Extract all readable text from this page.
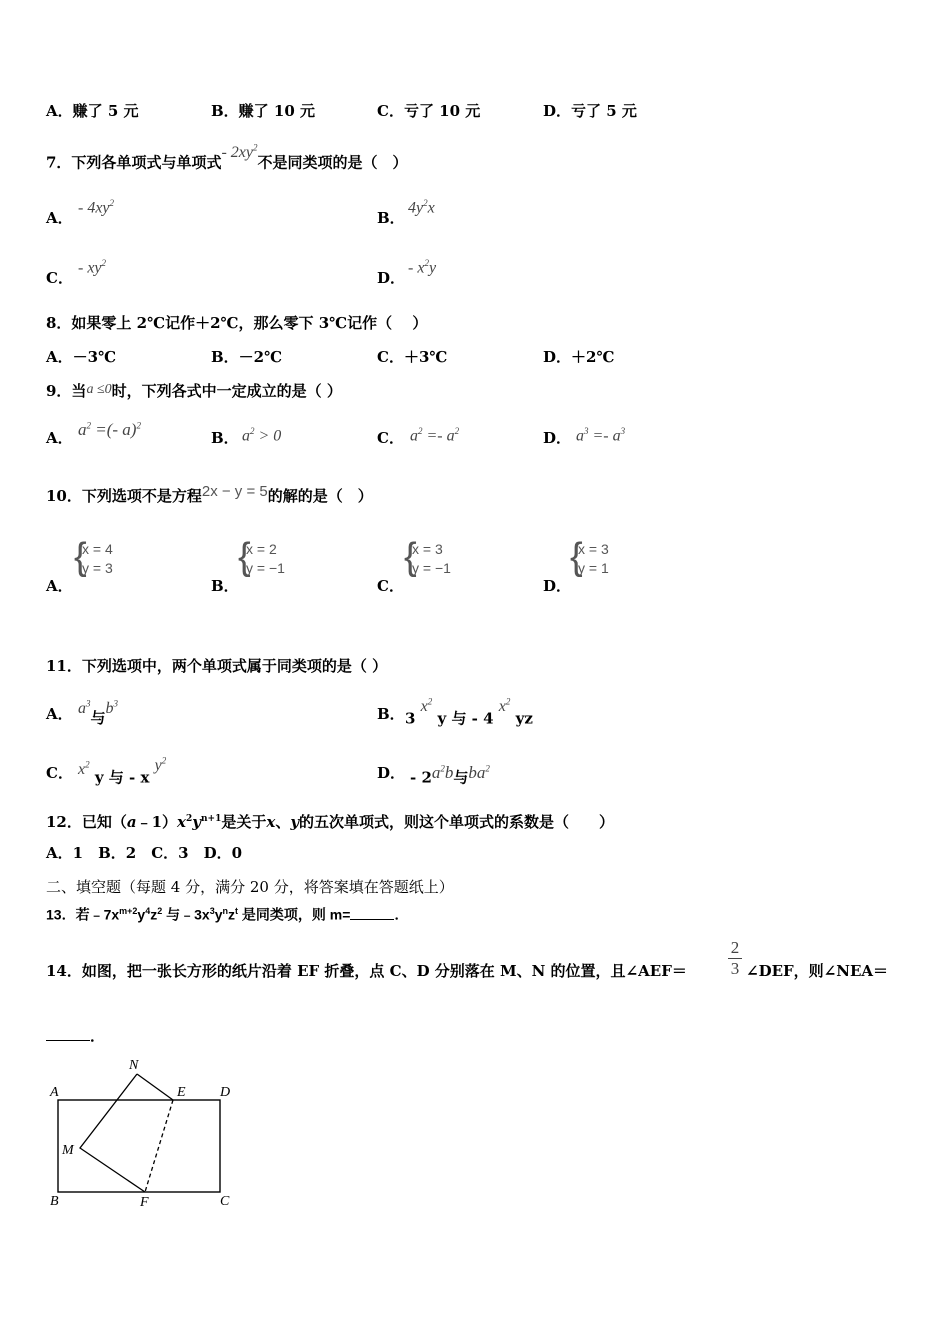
A．赚了 5 元	B．赚了 10 元	C．亏了 10 元	D．亏了 5 元
7．下列各单项式与单项式- $2xy^2$不是同类项的是（　）
A．
- $4xy^2$
B．
$4y^2x$
C．
- $xy^2$
D．
- $x^2y$
8．如果零上 2℃记作＋2℃，那么零下 3℃记作（　 ）
A．－3℃	B．－2℃	C．＋3℃	D．＋2℃
9．当a ≤0时，下列各式中一定成立的是（ ）
A． $a^2$ =(- a)$^2$
B． $a^2 > 0$	C． $a^2 =- a^2$	D． $a^3 =- a^3$
10．下列选项不是方程2x − y = 5的解的是（　）
A．
{
x = 4
y = 3
B．
{
x = 2
y = −1
C．
{
x = 3
y = −1
D．
{
x = 3
y = 1
11．下列选项中，两个单项式属于同类项的是（ ）
A． $a^3$与$b^3$
B． 3 $x^2$ y 与 - 4 $x^2$ yz
C． $x^2$ y 与 - x $y^2$
D． - $2a^2b$与$ba^2$
12．已知$(a﹣1)x^2y^{n+1}$是关于x、y的五次单项式，则这个单项式的系数是（　　）
A．1　B．2　C．3　D．0
二、填空题（每题 4 分，满分 20 分，将答案填在答题纸上）
13．若$﹣7x^{m+2}y^4z^2$ 与$﹣3x^3y^nz^t$ 是同类项，则 m=	．
14．如图，把一张长方形的纸片沿着 EF 折叠，点 C、D 分别落在 M、N 的位置，且∠AEF＝ $\frac{2}{3}$ ∠DEF，则∠NEA＝
．
A
B	C
D
E
F
M
N
